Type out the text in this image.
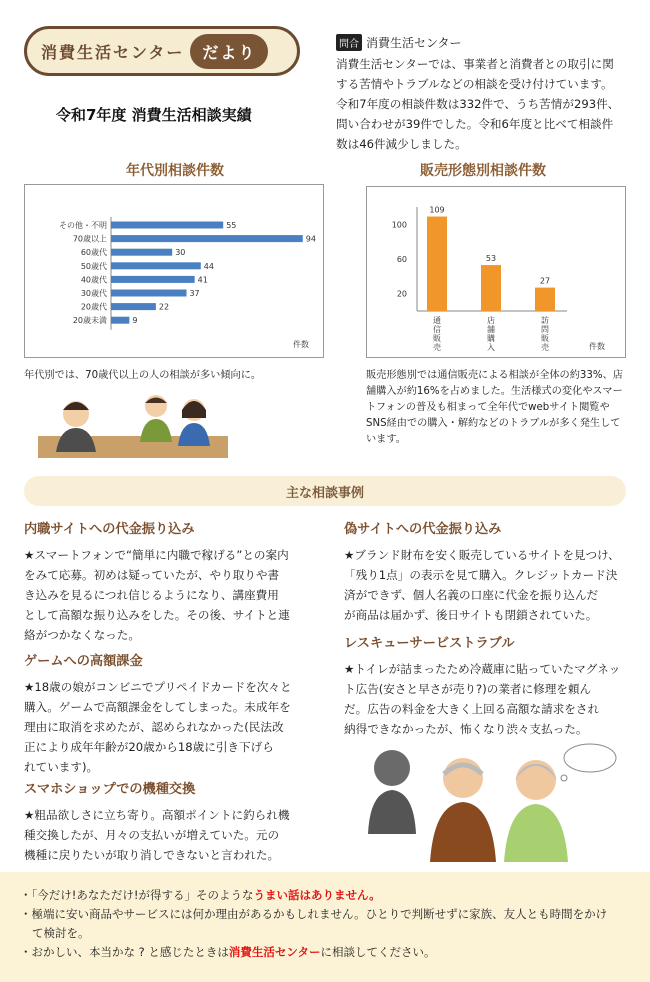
消費生活センター	だより
令和7年度 消費生活相談実績
問合 消費生活センター
消費生活センターでは、事業者と消費者との取引に関
する苦情やトラブルなどの相談を受け付けています。
令和7年度の相談件数は332件で、うち苦情が293件、
問い合わせが39件でした。令和6年度と比べて相談件
数は46件減少しました。
年代別相談件数
その他・不明	55
70歳以上	94
60歳代	30
50歳代	44
40歳代	41
30歳代	37
20歳代	22
20歳未満	9
件数
年代別では、70歳代以上の人の相談が多い傾向に。
販売形態別相談件数
20
60
100
109
通信販売
53
店舗購入
27
訪問販売	件数
販売形態別では通信販売による相談が全体の約33%、店
舗購入が約16%を占めました。生活様式の変化やスマー
トフォンの普及も相まって全年代でwebサイト閲覧や
SNS経由での購入・解約などのトラブルが多く発生して
います。
主な相談事例
内職サイトへの代金振り込み
★スマートフォンで“簡単に内職で稼げる”との案内
をみて応募。初めは疑っていたが、やり取りや書
き込みを見るにつれ信じるようになり、講座費用
として高額な振り込みをした。その後、サイトと連
絡がつかなくなった。
ゲームへの高額課金
★18歳の娘がコンビニでプリペイドカードを次々と
購入。ゲームで高額課金をしてしまった。未成年を
理由に取消を求めたが、認められなかった(民法改
正により成年年齢が20歳から18歳に引き下げら
れています)。
スマホショップでの機種交換
★粗品欲しさに立ち寄り。高額ポイントに釣られ機
種交換したが、月々の支払いが増えていた。元の
機種に戻りたいが取り消しできないと言われた。
偽サイトへの代金振り込み
★ブランド財布を安く販売しているサイトを見つけ、
「残り1点」の表示を見て購入。クレジットカード決
済ができず、個人名義の口座に代金を振り込んだ
が商品は届かず、後日サイトも閉鎖されていた。
レスキューサービストラブル
★トイレが詰まったため冷蔵庫に貼っていたマグネッ
ト広告(安さと早さが売り?)の業者に修理を頼ん
だ。広告の料金を大きく上回る高額な請求をされ
納得できなかったが、怖くなり渋々支払った。
・「今だけ!あなただけ!が得する」そのようなうまい話はありません。
・極端に安い商品やサービスには何か理由があるかもしれません。ひとりで判断せずに家族、友人とも時間をかけ
て検討を。
・おかしい、本当かな ? と感じたときは消費生活センターに相談してください。
